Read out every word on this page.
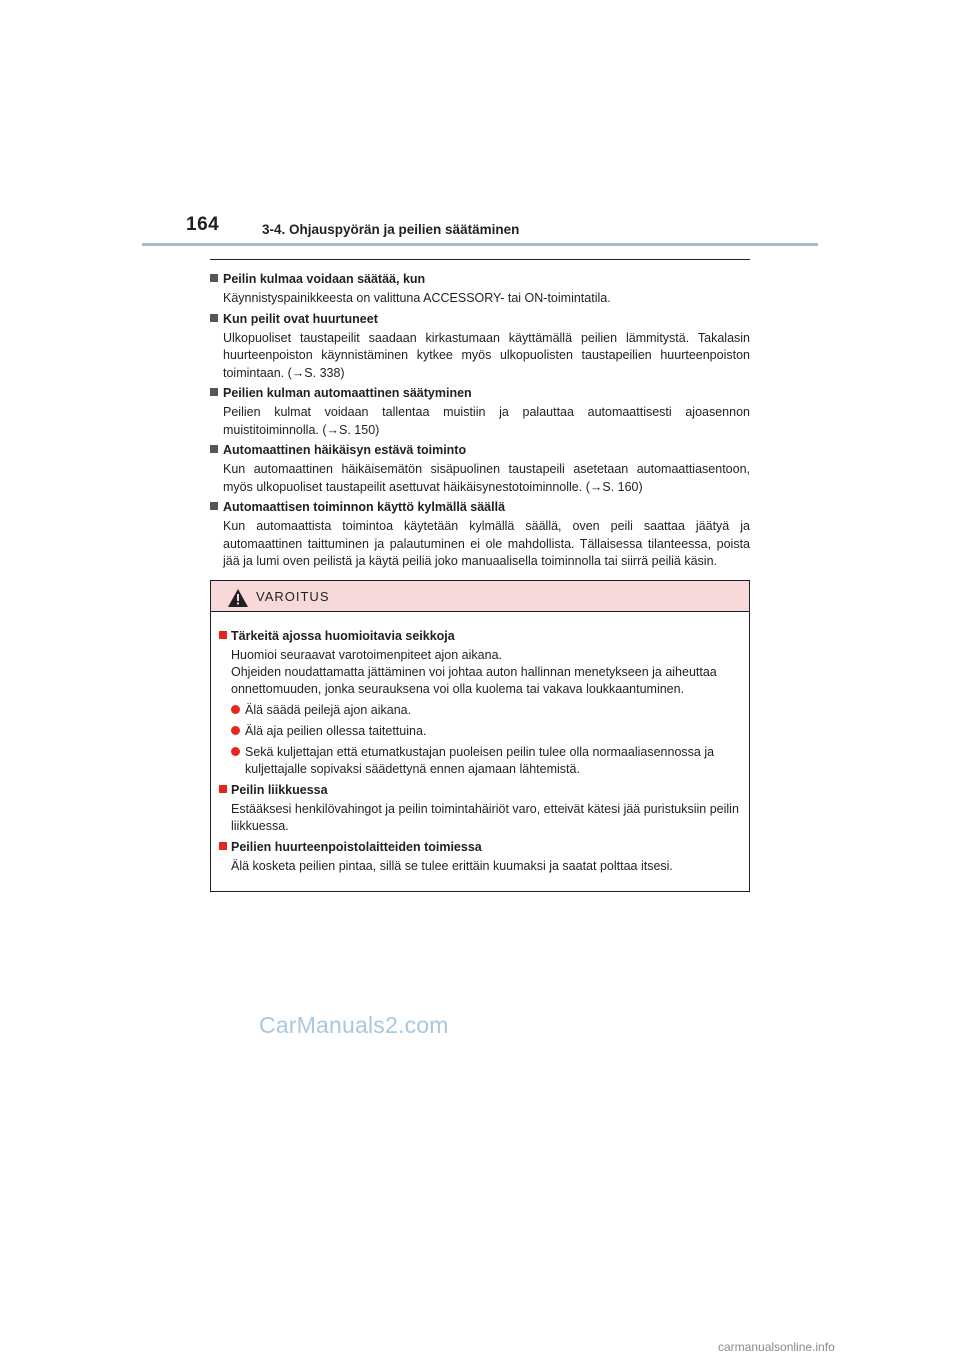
164	3-4. Ohjauspyörän ja peilien säätäminen
Peilin kulmaa voidaan säätää, kun
Käynnistyspainikkeesta on valittuna ACCESSORY- tai ON-toimintatila.
Kun peilit ovat huurtuneet
Ulkopuoliset taustapeilit saadaan kirkastumaan käyttämällä peilien lämmitystä. Takalasin huurteenpoiston käynnistäminen kytkee myös ulkopuolisten taustapeilien huurteenpoiston toimintaan. (→S. 338)
Peilien kulman automaattinen säätyminen
Peilien kulmat voidaan tallentaa muistiin ja palauttaa automaattisesti ajoasennon muistitoiminnolla. (→S. 150)
Automaattinen häikäisyn estävä toiminto
Kun automaattinen häikäisemätön sisäpuolinen taustapeili asetetaan automaattiasentoon, myös ulkopuoliset taustapeilit asettuvat häikäisynestotoiminnolle. (→S. 160)
Automaattisen toiminnon käyttö kylmällä säällä
Kun automaattista toimintoa käytetään kylmällä säällä, oven peili saattaa jäätyä ja automaattinen taittuminen ja palautuminen ei ole mahdollista. Tällaisessa tilanteessa, poista jää ja lumi oven peilistä ja käytä peiliä joko manuaalisella toiminnolla tai siirrä peiliä käsin.
VAROITUS
Tärkeitä ajossa huomioitavia seikkoja
Huomioi seuraavat varotoimenpiteet ajon aikana.
Ohjeiden noudattamatta jättäminen voi johtaa auton hallinnan menetykseen ja aiheuttaa onnettomuuden, jonka seurauksena voi olla kuolema tai vakava loukkaantuminen.
Älä säädä peilejä ajon aikana.
Älä aja peilien ollessa taitettuina.
Sekä kuljettajan että etumatkustajan puoleisen peilin tulee olla normaaliasennossa ja kuljettajalle sopivaksi säädettynä ennen ajamaan lähtemistä.
Peilin liikkuessa
Estääksesi henkilövahingot ja peilin toimintahäiriöt varo, etteivät kätesi jää puristuksiin peilin liikkuessa.
Peilien huurteenpoistolaitteiden toimiessa
Älä kosketa peilien pintaa, sillä se tulee erittäin kuumaksi ja saatat polttaa itsesi.
CarManuals2.com
carmanualsonline.info
